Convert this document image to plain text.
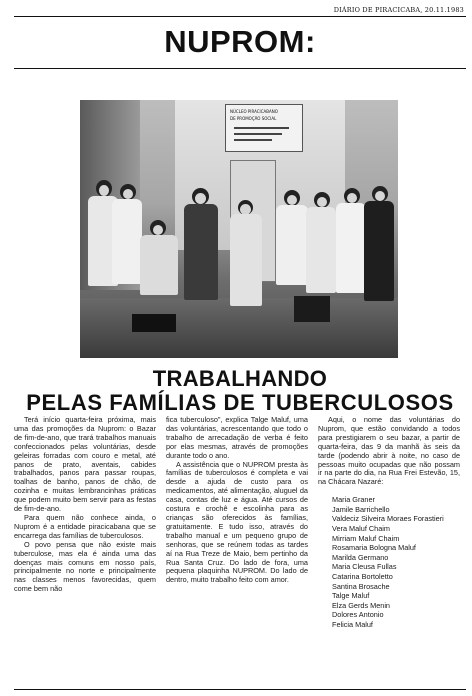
DIÁRIO DE PIRACICABA, 20.11.1983
NUPROM:
NÚCLEO PIRACICABANO
DE PROMOÇÃO SOCIAL
TRABALHANDO
PELAS FAMÍLIAS DE TUBERCULOSOS

Terá início quarta-feira próxima, mais uma das promoções da Nuprom: o Bazar de fim-de-ano, que trará trabalhos manuais confeccionados pelas voluntárias, desde geleiras forradas com couro e metal, até panos de prato, aventais, cabides trabalhados, panos para passar roupas, toalhas de banho, panos de chão, de cozinha e muitas lembrancinhas práticas que podem muito bem servir para as festas de fim-de-ano.

Para quem não conhece ainda, o Nuprom é a entidade piracicabana que se encarrega das famílias de tuberculosos.

O povo pensa que não existe mais tuberculose, mas ela é ainda uma das doenças mais comuns em nosso país, principalmente no norte e principalmente nas classes menos favorecidas, quem come bem não

fica tuberculoso", explica Talge Maluf, uma das voluntárias, acrescentando que todo o trabalho de arrecadação de verba é feito por elas mesmas, através de promoções durante todo o ano.

A assistência que o NUPROM presta às famílias de tuberculosos é completa e vai desde a ajuda de custo para os medicamentos, até alimentação, aluguel da casa, contas de luz e água. Até cursos de costura e crochê e escolinha para as crianças são oferecidos às famílias, gratuitamente. E tudo isso, através do trabalho manual e um pequeno grupo de senhoras, que se reúnem todas as tardes aí na Rua Treze de Maio, bem pertinho da Rua Santa Cruz. Do lado de fora, uma pequena plaquinha NUPROM. Do lado de dentro, muito trabalho feito com amor.

Aqui, o nome das voluntárias do Nuprom, que estão convidando a todos para prestigiarem o seu bazar, a partir de quarta-feira, das 9 da manhã às seis da tarde (podendo abrir à noite, no caso de pessoas muito ocupadas que não possam ir na parte do dia, na Rua Frei Estevão, 15, na Chácara Nazaré:

Maria Graner
Jamile Barrichello
Valdeciz Silveira Moraes Forastieri
Vera Maluf Chaim
Mirriam Maluf Chaim
Rosamaria Bologna Maluf
Marilda Germano
Maria Cleusa Fullas
Catarina Bortoletto
Santina Brosache
Talge Maluf
Elza Gerds Menin
Dolores Antonio
Felicia Maluf
